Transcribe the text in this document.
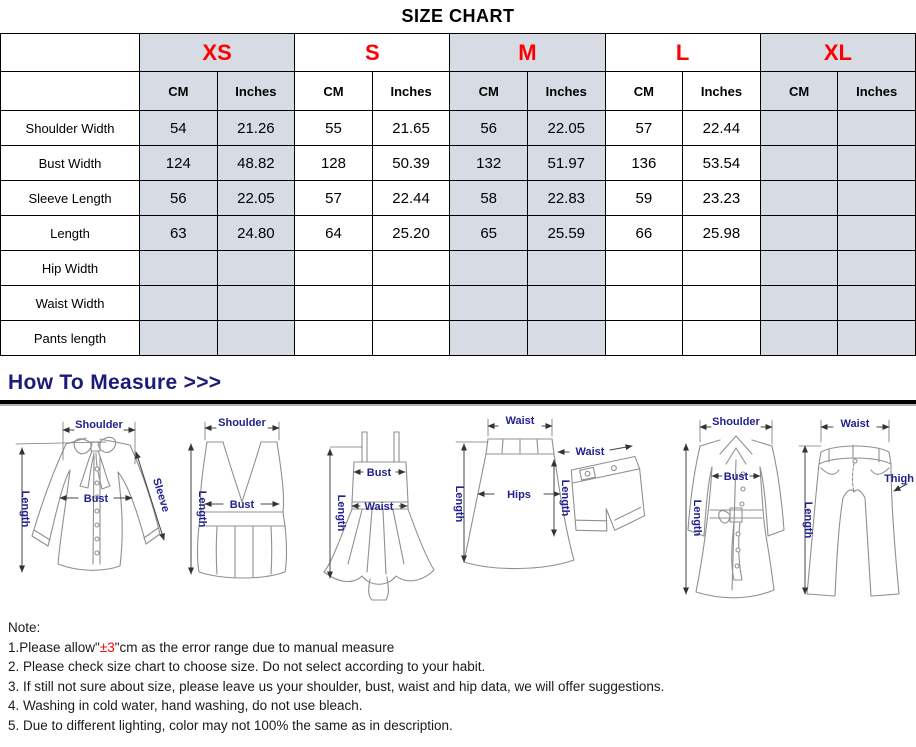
SIZE CHART
	XS		S		M		L		XL	
	CM	Inches	CM	Inches	CM	Inches	CM	Inches	CM	Inches
Shoulder Width	54	21.26	55	21.65	56	22.05	57	22.44		
Bust Width	124	48.82	128	50.39	132	51.97	136	53.54		
Sleeve Length	56	22.05	57	22.44	58	22.83	59	23.23		
Length	63	24.80	64	25.20	65	25.59	66	25.98		
Hip Width										
Waist Width										
Pants length										
How To Measure >>>
Shoulder
Length	Bust	Sleeve
Shoulder
Length Bust
Bust
Waist
Length
Waist
Length	Hips
Waist
Length
Shoulder
Length
Bust
Waist
Length
Thigh
Note:
1.Please allow"±3"cm as the error range due to manual measure
2. Please check size chart to choose size. Do not select according to your habit.
3. If still not sure about size, please leave us your shoulder, bust, waist and hip data, we will offer suggestions.
4. Washing in cold water, hand washing, do not use bleach.
5. Due to different lighting, color may not 100% the same as in description.
